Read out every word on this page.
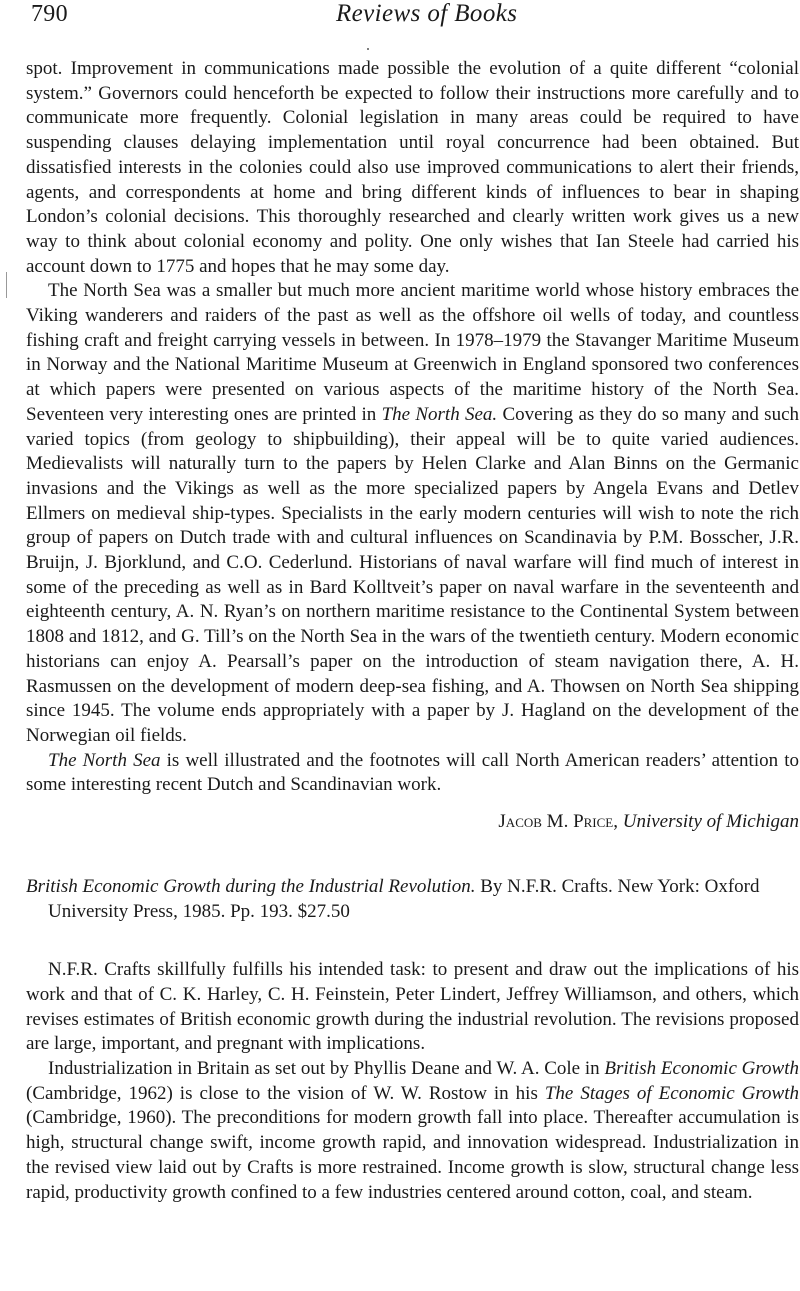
790	Reviews of Books

spot. Improvement in communications made possible the evolution of a quite different “colonial system.” Governors could henceforth be expected to follow their instructions more carefully and to communicate more frequently. Colonial legislation in many areas could be required to have suspending clauses delaying implementation until royal concurrence had been obtained. But dissatisfied interests in the colonies could also use improved communications to alert their friends, agents, and correspondents at home and bring different kinds of influences to bear in shaping London’s colonial decisions. This thoroughly researched and clearly written work gives us a new way to think about colonial economy and polity. One only wishes that Ian Steele had carried his account down to 1775 and hopes that he may some day.

The North Sea was a smaller but much more ancient maritime world whose history embraces the Viking wanderers and raiders of the past as well as the offshore oil wells of today, and countless fishing craft and freight carrying vessels in between. In 1978–1979 the Stavanger Maritime Museum in Norway and the National Maritime Museum at Greenwich in England sponsored two conferences at which papers were presented on various aspects of the maritime history of the North Sea. Seventeen very interesting ones are printed in The North Sea. Covering as they do so many and such varied topics (from geology to shipbuilding), their appeal will be to quite varied audiences. Medievalists will naturally turn to the papers by Helen Clarke and Alan Binns on the Germanic invasions and the Vikings as well as the more specialized papers by Angela Evans and Detlev Ellmers on medieval ship-types. Specialists in the early modern centuries will wish to note the rich group of papers on Dutch trade with and cultural influences on Scandinavia by P.M. Bosscher, J.R. Bruijn, J. Bjorklund, and C.O. Cederlund. Historians of naval warfare will find much of interest in some of the preceding as well as in Bard Kolltveit’s paper on naval warfare in the seventeenth and eighteenth century, A. N. Ryan’s on northern maritime resistance to the Continental System between 1808 and 1812, and G. Till’s on the North Sea in the wars of the twentieth century. Modern economic historians can enjoy A. Pearsall’s paper on the introduction of steam navigation there, A. H. Rasmussen on the development of modern deep-sea fishing, and A. Thowsen on North Sea shipping since 1945. The volume ends appropriately with a paper by J. Hagland on the development of the Norwegian oil fields.

The North Sea is well illustrated and the footnotes will call North American readers’ attention to some interesting recent Dutch and Scandinavian work.

Jacob M. Price, University of Michigan

British Economic Growth during the Industrial Revolution. By N.F.R. Crafts. New York: Oxford University Press, 1985. Pp. 193. $27.50

N.F.R. Crafts skillfully fulfills his intended task: to present and draw out the implications of his work and that of C. K. Harley, C. H. Feinstein, Peter Lindert, Jeffrey Williamson, and others, which revises estimates of British economic growth during the industrial revolution. The revisions proposed are large, important, and pregnant with implications.

Industrialization in Britain as set out by Phyllis Deane and W. A. Cole in British Economic Growth (Cambridge, 1962) is close to the vision of W. W. Rostow in his The Stages of Economic Growth (Cambridge, 1960). The preconditions for modern growth fall into place. Thereafter accumulation is high, structural change swift, income growth rapid, and innovation widespread. Industrialization in the revised view laid out by Crafts is more restrained. Income growth is slow, structural change less rapid, productivity growth confined to a few industries centered around cotton, coal, and steam.
